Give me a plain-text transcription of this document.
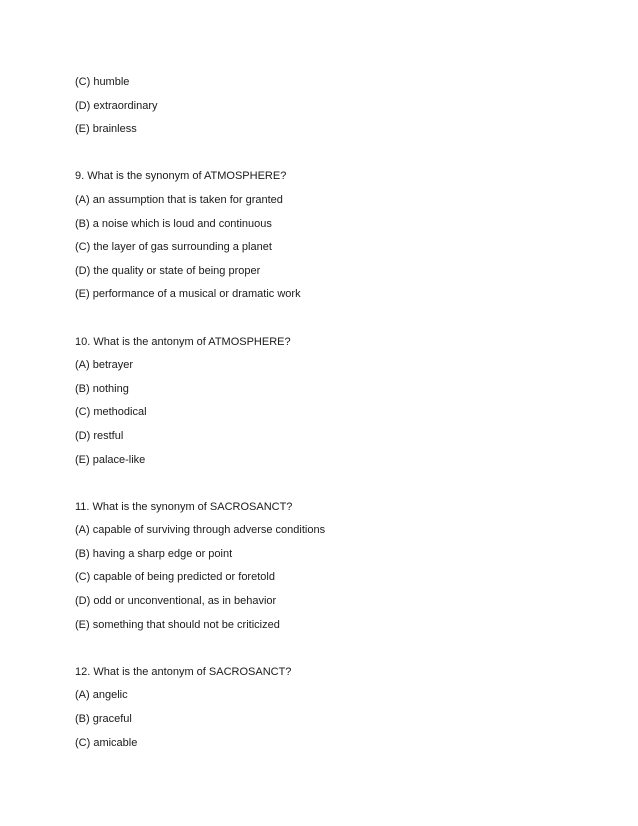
(C) humble
(D) extraordinary
(E) brainless
9. What is the synonym of ATMOSPHERE?
(A) an assumption that is taken for granted
(B) a noise which is loud and continuous
(C) the layer of gas surrounding a planet
(D) the quality or state of being proper
(E) performance of a musical or dramatic work
10. What is the antonym of ATMOSPHERE?
(A) betrayer
(B) nothing
(C) methodical
(D) restful
(E) palace-like
11. What is the synonym of SACROSANCT?
(A) capable of surviving through adverse conditions
(B) having a sharp edge or point
(C) capable of being predicted or foretold
(D) odd or unconventional, as in behavior
(E) something that should not be criticized
12. What is the antonym of SACROSANCT?
(A) angelic
(B) graceful
(C) amicable
